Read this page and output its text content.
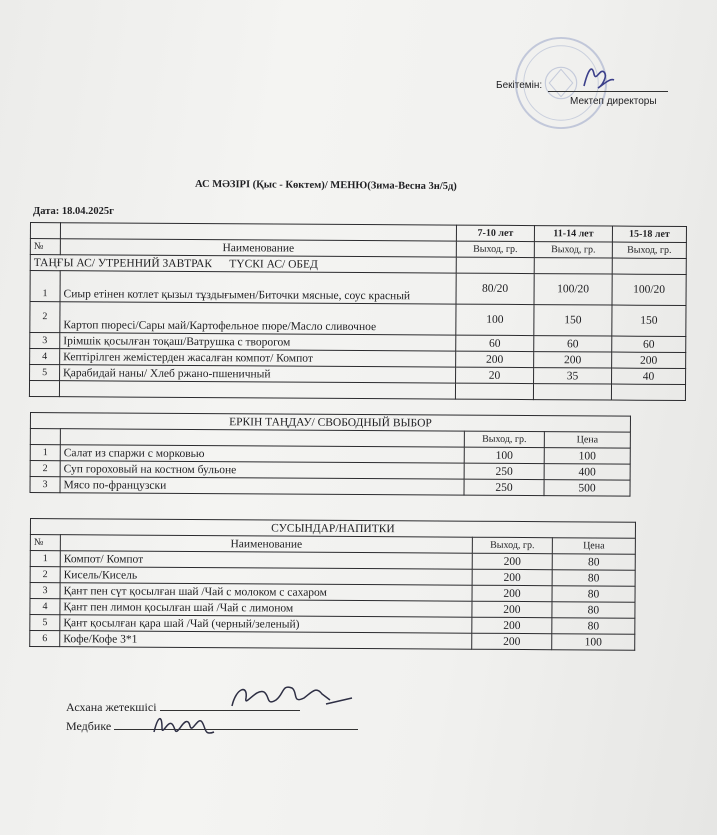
Бекітемін:
Мектеп директоры
АС МӘЗІРІ (Қыс - Көктем)/ МЕНЮ(Зима-Весна 3н/5д)
Дата: 18.04.2025г
		7-10 лет	11-14 лет	15-18 лет
№	Наименование	Выход, гр.	Выход, гр.	Выход, гр.
ТАҢҒЫ АС/ УТРЕННИЙ ЗАВТРАК      ТҮСКІ АС/ ОБЕД				
1	Сиыр етінен котлет қызыл тұздығымен/Биточки мясные, соус красный	80/20	100/20	100/20
2	Картоп пюресі/Сары май/Картофельное пюре/Масло сливочное	100	150	150
3	Ірімшік қосылған тоқаш/Ватрушка с творогом	60	60	60
4	Кептірілген жемістерден жасалған компот/ Компот	200	200	200
5	Қарабидай наны/ Хлеб ржано-пшеничный	20	35	40

ЕРКІН ТАҢДАУ/ СВОБОДНЫЙ ВЫБОР			
		Выход, гр.	Цена
1	Салат из спаржи с морковью	100	100
2	Суп гороховый на костном бульоне	250	400
3	Мясо по-французски	250	500
СУСЫНДАР/НАПИТКИ			
№	Наименование	Выход, гр.	Цена
1	Компот/ Компот	200	80
2	Кисель/Кисель	200	80
3	Қант пен сүт қосылған шай /Чай с молоком с сахаром	200	80
4	Қант пен лимон қосылған шай /Чай с лимоном	200	80
5	Қант қосылған қара шай /Чай (черный/зеленый)	200	80
6	Кофе/Кофе 3*1	200	100
Асхана жетекшісі
Медбике
